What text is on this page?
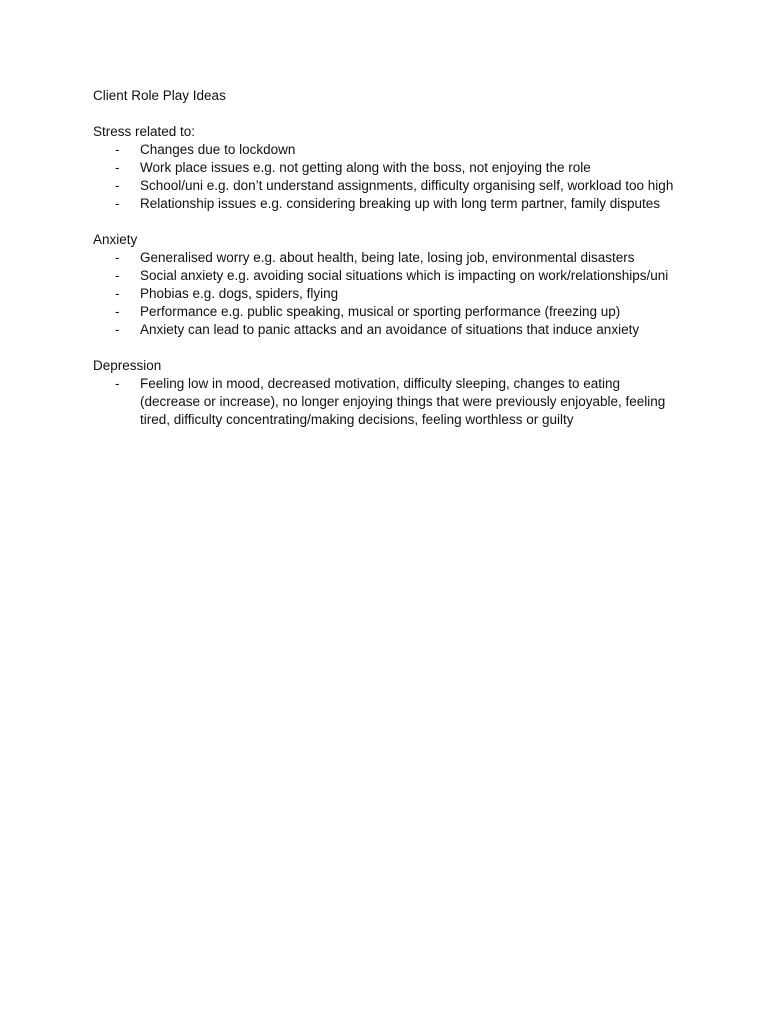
Client Role Play Ideas

Stress related to:

- Changes due to lockdown
- Work place issues e.g. not getting along with the boss, not enjoying the role
- School/uni e.g. don’t understand assignments, difficulty organising self, workload too high
- Relationship issues e.g. considering breaking up with long term partner, family disputes

Anxiety

- Generalised worry e.g. about health, being late, losing job, environmental disasters
- Social anxiety e.g. avoiding social situations which is impacting on work/relationships/uni
- Phobias e.g. dogs, spiders, flying
- Performance e.g. public speaking, musical or sporting performance (freezing up)
- Anxiety can lead to panic attacks and an avoidance of situations that induce anxiety

Depression

- Feeling low in mood, decreased motivation, difficulty sleeping, changes to eating (decrease or increase), no longer enjoying things that were previously enjoyable, feeling tired, difficulty concentrating/making decisions, feeling worthless or guilty
